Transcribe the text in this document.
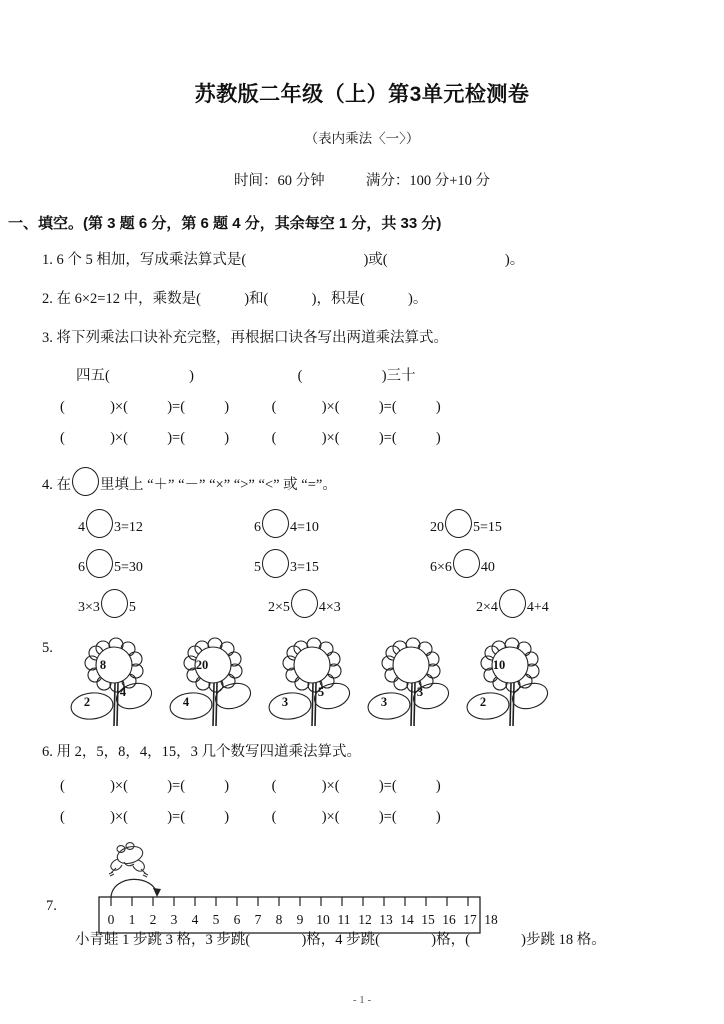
苏教版二年级（上）第3单元检测卷
（表内乘法〈一〉）
时间：60 分钟	满分：100 分+10 分
一、填空。(第 3 题 6 分，第 6 题 4 分，其余每空 1 分，共 33 分)
1. 6 个 5 相加，写成乘法算式是(	)或(	)。
2. 在 6×2=12 中，乘数是(	)和(	)，积是(	)。
3. 将下列乘法口诀补充完整，再根据口诀各写出两道乘法算式。
四五(	)	(	)三十
(	)×(	)=(	)	(	)×(	)=(	)
(	)×(	)=(	)	(	)×(	)=(	)
4. 在 里填上 “＋” “－” “×” “>” “<” 或 “=”。
4 3=12	6 4=10	20 5=15
6 5=30	5 3=15	6×6 40
3×3 5	2×5 4×3	2×4 4+4
5.
8
2
4
20
4	3
5
3
3
10
2
6. 用 2，5，8，4，15，3 几个数写四道乘法算式。
(	)×(	)=(	)	(	)×(	)=(	)
(	)×(	)=(	)	(	)×(	)=(	)
0 1 2 3 4 5 6 7 8 9 10 11 12 13 14 15 16 17 18
7.
小青蛙 1 步跳 3 格，3 步跳(	)格，4 步跳(	)格，(	)步跳 18 格。
- 1 -
